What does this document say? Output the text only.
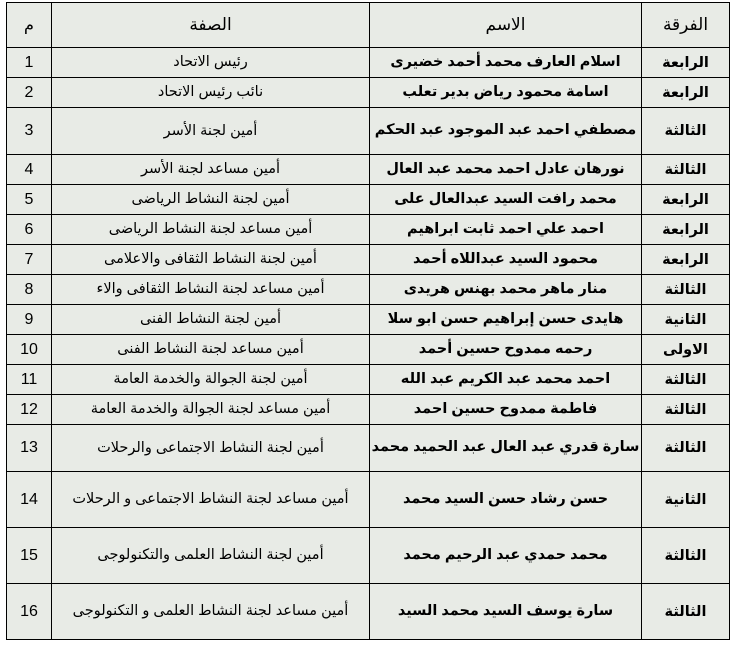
الفرقة	الاسم	الصفة	م
الرابعة	اسلام العارف محمد أحمد خضيرى	رئيس الاتحاد	1
الرابعة	اسامة محمود رياض بدير تعلب	نائب رئيس الاتحاد	2
الثالثة	مصطفي احمد عبد الموجود عبد الحكم	أمين لجنة الأسر	3
الثالثة	نورهان عادل احمد محمد عبد العال	أمين مساعد لجنة الأسر	4
الرابعة	محمد رافت السيد عبدالعال على	أمين لجنة النشاط الرياضى	5
الرابعة	احمد علي احمد ثابت ابراهيم	أمين مساعد لجنة النشاط الرياضى	6
الرابعة	محمود السيد عبداللاه أحمد	أمين لجنة النشاط الثقافى والاعلامى	7
الثالثة	منار ماهر محمد بهنس هريدى	أمين مساعد لجنة النشاط الثقافى والاء	8
الثانية	هايدى حسن إبراهيم حسن ابو سلا	أمين لجنة النشاط الفنى	9
الاولى	رحمه ممدوح حسين أحمد	أمين مساعد لجنة النشاط الفنى	10
الثالثة	احمد محمد عبد الكريم عبد الله	أمين لجنة الجوالة والخدمة العامة	11
الثالثة	فاطمة ممدوح حسين احمد	أمين مساعد لجنة الجوالة والخدمة العامة	12
الثالثة	سارة قدري عبد العال عبد الحميد محمد	أمين لجنة النشاط الاجتماعى والرحلات	13
الثانية	حسن رشاد حسن السيد محمد	أمين مساعد لجنة النشاط الاجتماعى و الرحلات	14
الثالثة	محمد حمدي عبد الرحيم محمد	أمين لجنة النشاط العلمى والتكنولوجى	15
الثالثة	سارة يوسف السيد محمد السيد	أمين مساعد لجنة النشاط العلمى و التكنولوجى	16
